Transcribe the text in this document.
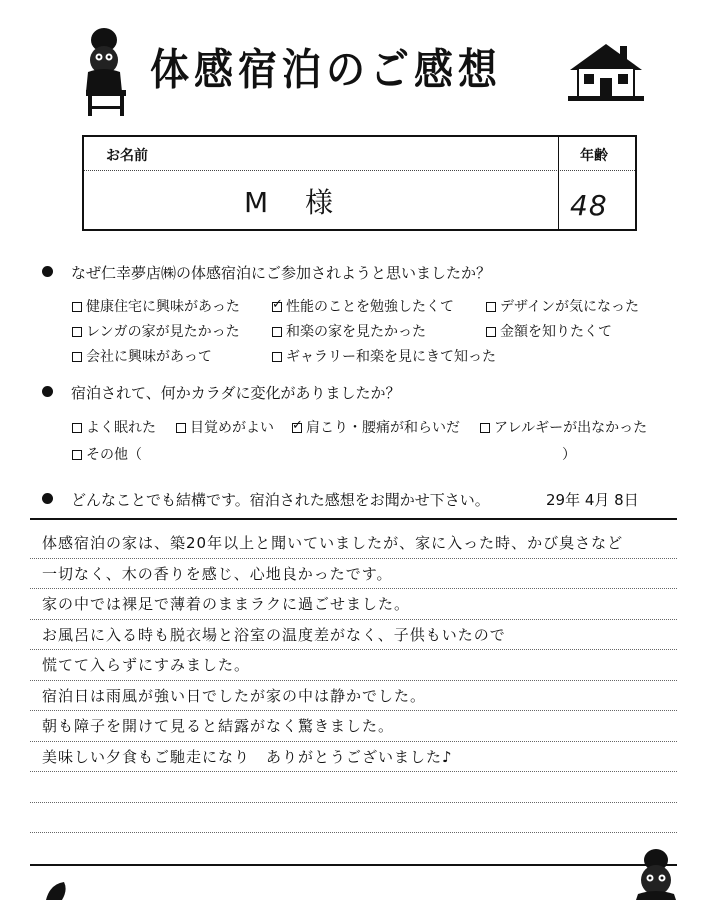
体感宿泊のご感想
お名前	年齢
M 様	48
なぜ仁幸夢店㈱の体感宿泊にご参加されようと思いましたか？
健康住宅に興味があった ✓	性能のことを勉強したくて	デザインが気になった
レンガの家が見たかった	和楽の家を見たかった	金額を知りたくて
会社に興味があって	ギャラリー和楽を見にきて知った
宿泊されて、何かカラダに変化がありましたか？
よく眠れた	目覚めがよい ✓	肩こり・腰痛が和らいだ	アレルギーが出なかった
その他（	）
どんなことでも結構です。宿泊された感想をお聞かせ下さい。	29年 4月 8日
体感宿泊の家は、築20年以上と聞いていましたが、家に入った時、かび臭さなど
一切なく、木の香りを感じ、心地良かったです。
家の中では裸足で薄着のままラクに過ごせました。
お風呂に入る時も脱衣場と浴室の温度差がなく、子供もいたので
慌てて入らずにすみました。
宿泊日は雨風が強い日でしたが家の中は静かでした。
朝も障子を開けて見ると結露がなく驚きました。
美味しい夕食もご馳走になり　ありがとうございました♪
